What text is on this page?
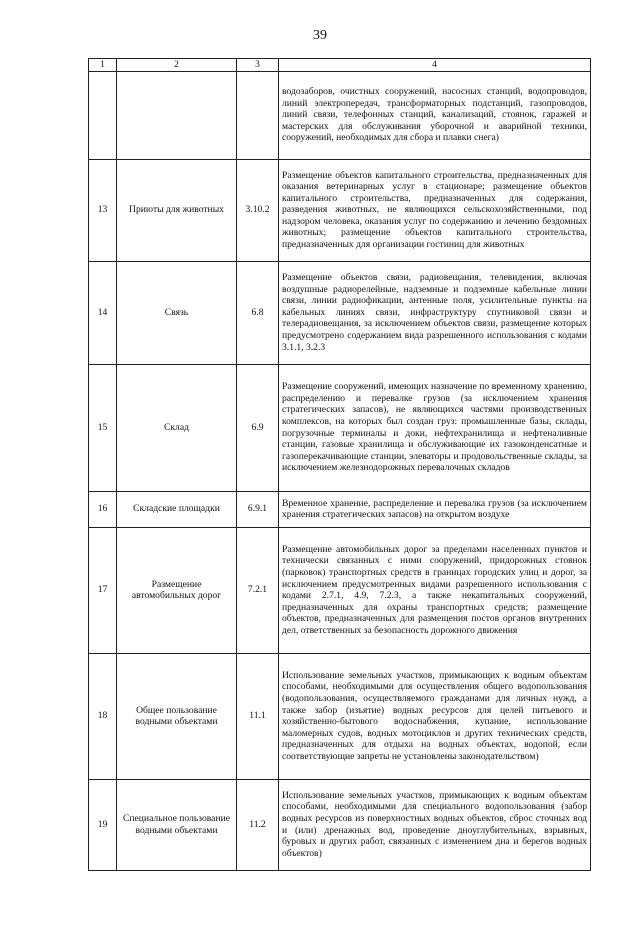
39
1	2	3	4
			водозаборов, очистных сооружений, насосных станций, водопроводов, линий электропередач, трансформаторных подстанций, газопроводов, линий связи, телефонных станций, канализаций, стоянок, гаражей и мастерских для обслуживания уборочной и аварийной техники, сооружений, необходимых для сбора и плавки снега)
13	Приюты для животных	3.10.2	Размещение объектов капитального строительства, предназначенных для оказания ветеринарных услуг в стационаре; размещение объектов капитального строительства, предназначенных для содержания, разведения животных, не являющихся сельскохозяйственными, под надзором человека, оказания услуг по содержанию и лечению бездомных животных; размещение объектов капитального строительства, предназначенных для организации гостиниц для животных
14	Связь	6.8	Размещение объектов связи, радиовещания, телевидения, включая воздушные радиорелейные, надземные и подземные кабельные линии связи, линии радиофикации, антенные поля, усилительные пункты на кабельных линиях связи, инфраструктуру спутниковой связи и телерадиовещания, за исключением объектов связи, размещение которых предусмотрено содержанием вида разрешенного использования с кодами 3.1.1, 3.2.3
15	Склад	6.9	Размещение сооружений, имеющих назначение по временному хранению, распределению и перевалке грузов (за исключением хранения стратегических запасов), не являющихся частями производственных комплексов, на которых был создан груз: промышленные базы, склады, погрузочные терминалы и доки, нефтехранилища и нефтеналивные станции, газовые хранилища и обслуживающие их газоконденсатные и газоперекачивающие станции, элеваторы и продовольственные склады, за исключением железнодорожных перевалочных складов
16	Складские площадки	6.9.1	Временное хранение, распределение и перевалка грузов (за исключением хранения стратегических запасов) на открытом воздухе
17	Размещение автомобильных дорог	7.2.1	Размещение автомобильных дорог за пределами населенных пунктов и технически связанных с ними сооружений, придорожных стоянок (парковок) транспортных средств в границах городских улиц и дорог, за исключением предусмотренных видами разрешенного использования с кодами 2.7.1, 4.9, 7.2.3, а также некапитальных сооружений, предназначенных для охраны транспортных средств; размещение объектов, предназначенных для размещения постов органов внутренних дел, ответственных за безопасность дорожного движения
18	Общее пользование водными объектами	11.1	Использование земельных участков, примыкающих к водным объектам способами, необходимыми для осуществления общего водопользования (водопользования, осуществляемого гражданами для личных нужд, а также забор (изъятие) водных ресурсов для целей питьевого и хозяйственно-бытового водоснабжения, купание, использование маломерных судов, водных мотоциклов и других технических средств, предназначенных для отдыха на водных объектах, водопой, если соответствующие запреты не установлены законодательством)
19	Специальное пользование водными объектами	11.2	Использование земельных участков, примыкающих к водным объектам способами, необходимыми для специального водопользования (забор водных ресурсов из поверхностных водных объектов, сброс сточных вод и (или) дренажных вод, проведение дноуглубительных, взрывных, буровых и других работ, связанных с изменением дна и берегов водных объектов)
